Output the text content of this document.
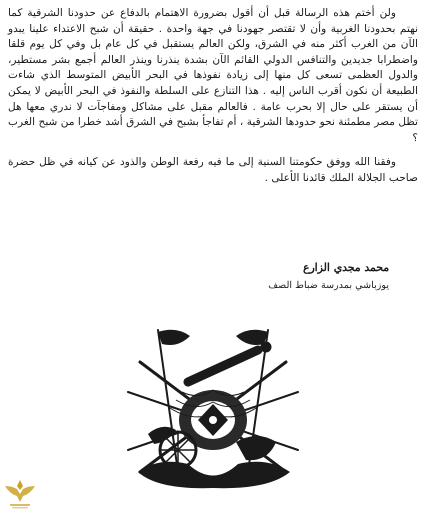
ولن أختم هذه الرسالة قبل أن أقول بضرورة الاهتمام بالدفاع عن حدودنا الشرقية كما نهتم بحدودنا الغربية وأن لا تقتصر جهودنا في جهة واحدة . حقيقة أن شبح الاعتداء علينا يبدو الآن من الغرب أكثر منه في الشرق، ولكن العالم يستقبل في كل عام بل وفي كل يوم قلقا واضطرابا جديدين والتنافس الدولي القائم الآن بشدة ينذرنا وينذر العالم أجمع بشر مستطير، والدول العظمى تسعى كل منها إلى زيادة نفوذها في البحر الأبيض المتوسط الذي شاءت الطبيعة أن نكون أقرب الناس إليه . هذا التنازع على السلطة والنفوذ في البحر الأبيض لا يمكن أن يستقر على حال إلا بحرب عامة . فالعالم مقبل على مشاكل ومفاجآت لا ندري معها هل تظل مصر مطمئنة نحو حدودها الشرقية ، أم تفاجأ بشبح في الشرق أشد خطرا من شبح الغرب ؟

وفقنا الله ووفق حكومتنا السنية إلى ما فيه رفعة الوطن والذود عن كيانه في ظل حضرة صاحب الجلالة الملك قائدنا الأعلى .

محمد مجدي الزارع
يوزباشي بمدرسة ضباط الصف
